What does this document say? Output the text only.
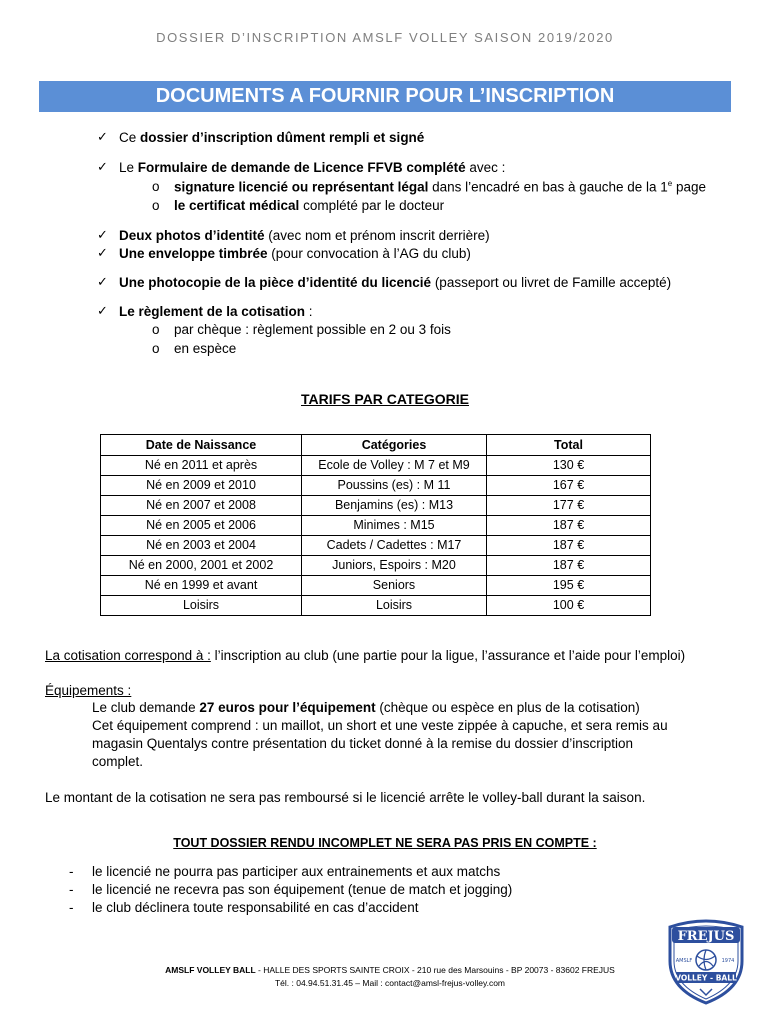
DOSSIER D’INSCRIPTION AMSLF VOLLEY SAISON 2019/2020
DOCUMENTS A FOURNIR POUR L’INSCRIPTION
✓ Ce dossier d’inscription dûment rempli et signé
✓ Le Formulaire de demande de Licence FFVB complété avec :
o signature licencié ou représentant légal dans l’encadré en bas à gauche de la 1e page
o le certificat médical complété par le docteur
✓ Deux photos d’identité (avec nom et prénom inscrit derrière)
✓ Une enveloppe timbrée (pour convocation à l’AG du club)
✓ Une photocopie de la pièce d’identité du licencié (passeport ou livret de Famille accepté)
✓ Le règlement de la cotisation :
o par chèque : règlement possible en 2 ou 3 fois
o en espèce
TARIFS PAR CATEGORIE
Date de Naissance	Catégories	Total
Né en 2011 et après	Ecole de Volley : M 7 et M9	130 €
Né en 2009 et 2010	Poussins (es) : M 11	167 €
Né en 2007 et 2008	Benjamins (es) : M13	177 €
Né en 2005 et 2006	Minimes : M15	187 €
Né en 2003 et 2004	Cadets / Cadettes : M17	187 €
Né en 2000, 2001 et 2002	Juniors, Espoirs : M20	187 €
Né en 1999 et avant	Seniors	195 €
Loisirs	Loisirs	100 €
La cotisation correspond à : l’inscription au club (une partie pour la ligue, l’assurance et l’aide pour l’emploi)
Équipements :
Le club demande 27 euros pour l’équipement (chèque ou espèce en plus de la cotisation)
Cet équipement comprend : un maillot, un short et une veste zippée à capuche, et sera remis au
magasin Quentalys contre présentation du ticket donné à la remise du dossier d’inscription
complet.
Le montant de la cotisation ne sera pas remboursé si le licencié arrête le volley-ball durant la saison.
TOUT DOSSIER RENDU INCOMPLET NE SERA PAS PRIS EN COMPTE :
- le licencié ne pourra pas participer aux entrainements et aux matchs
- le licencié ne recevra pas son équipement (tenue de match et jogging)
- le club déclinera toute responsabilité en cas d’accident
AMSLF VOLLEY BALL - HALLE DES SPORTS SAINTE CROIX - 210 rue des Marsouins - BP 20073 - 83602 FREJUS
Tél. : 04.94.51.31.45 – Mail : contact@amsl-frejus-volley.com
FREJUS
AMSLF	1974
VOLLEY - BALL
